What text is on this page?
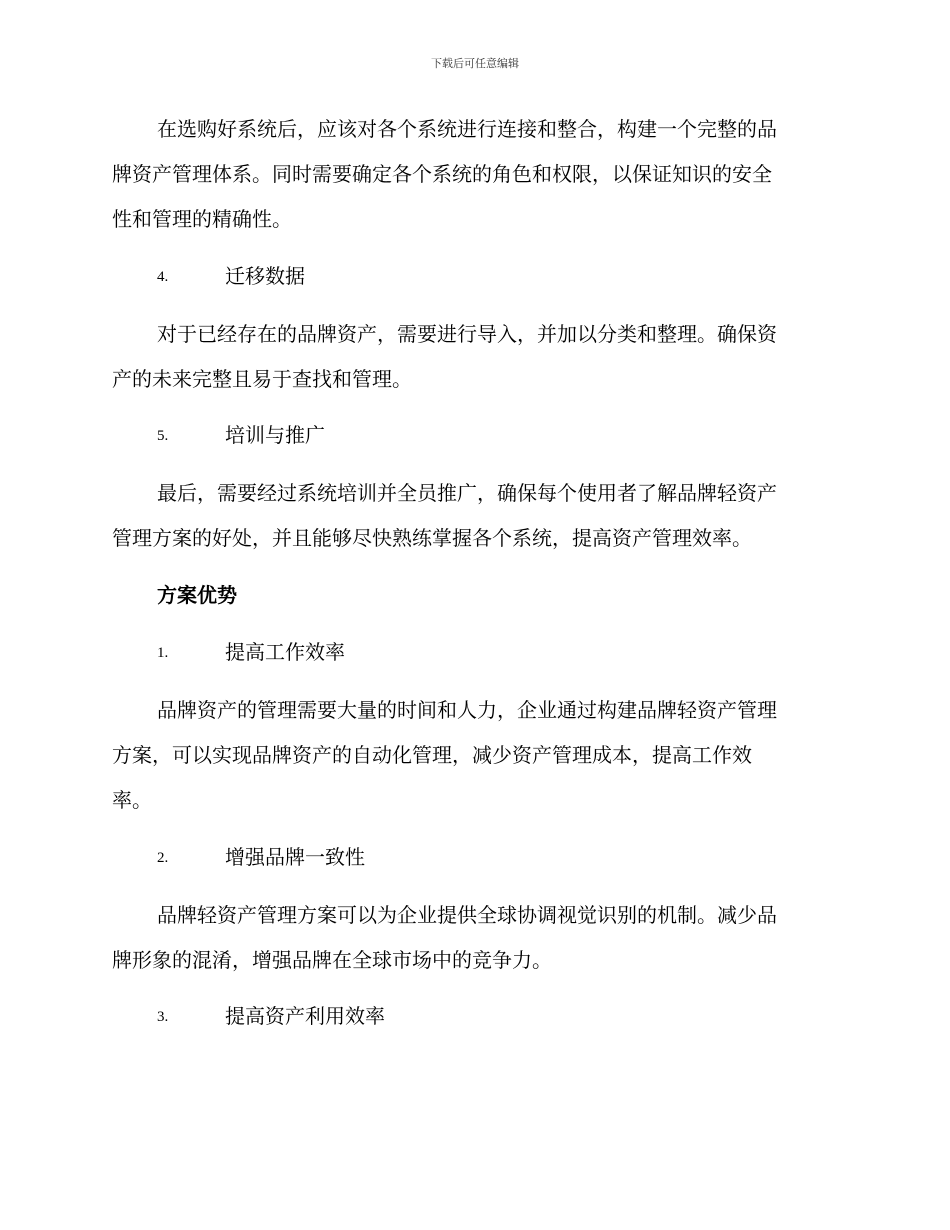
下载后可任意编辑
在选购好系统后，应该对各个系统进行连接和整合，构建一个完整的品
牌资产管理体系。同时需要确定各个系统的角色和权限，以保证知识的安全
性和管理的精确性。
4.	迁移数据
对于已经存在的品牌资产，需要进行导入，并加以分类和整理。确保资
产的未来完整且易于查找和管理。
5.	培训与推广
最后，需要经过系统培训并全员推广，确保每个使用者了解品牌轻资产
管理方案的好处，并且能够尽快熟练掌握各个系统，提高资产管理效率。
方案优势
1.	提高工作效率
品牌资产的管理需要大量的时间和人力，企业通过构建品牌轻资产管理
方案，可以实现品牌资产的自动化管理，减少资产管理成本，提高工作效
率。
2.	增强品牌一致性
品牌轻资产管理方案可以为企业提供全球协调视觉识别的机制。减少品
牌形象的混淆，增强品牌在全球市场中的竞争力。
3.	提高资产利用效率
